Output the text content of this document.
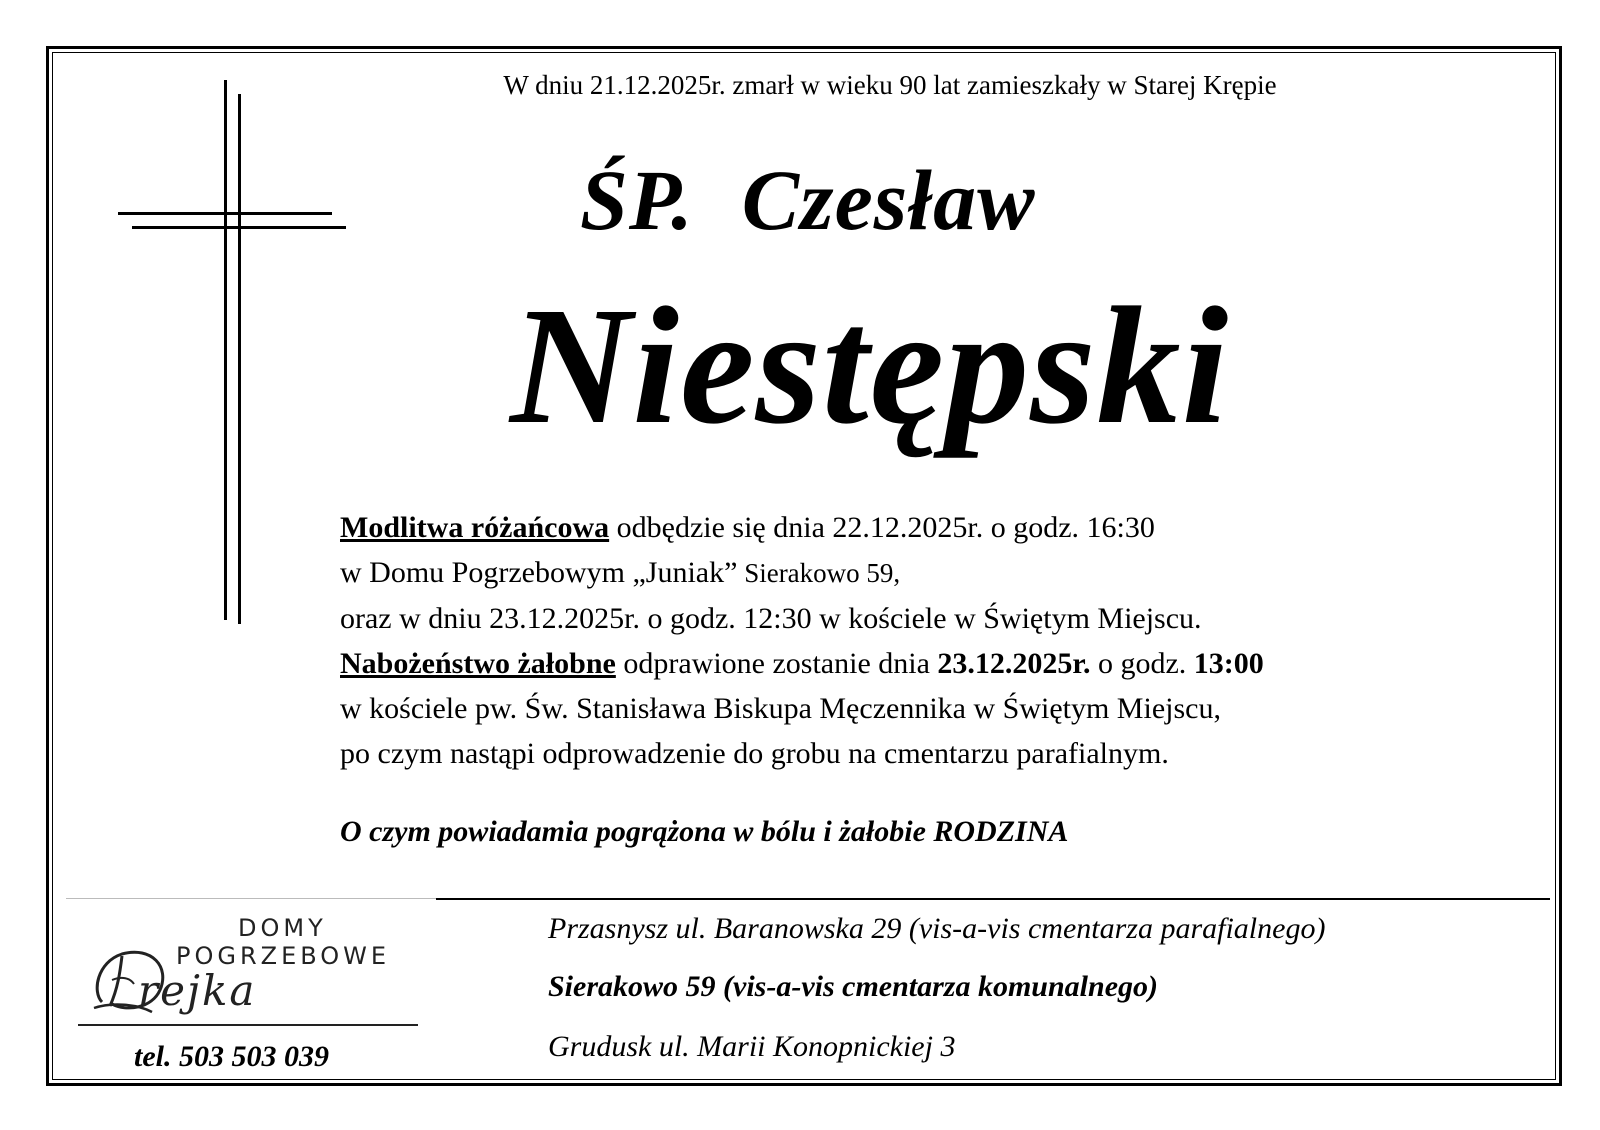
W dniu 21.12.2025r. zmarł w wieku 90 lat zamieszkały w Starej Krępie
ŚP. Czesław
Niestępski
Modlitwa różańcowa odbędzie się dnia 22.12.2025r. o godz. 16:30
w Domu Pogrzebowym „Juniak” Sierakowo 59,
oraz w dniu 23.12.2025r. o godz. 12:30 w kościele w Świętym Miejscu.
Nabożeństwo żałobne odprawione zostanie dnia 23.12.2025r. o godz. 13:00
w kościele pw. Św. Stanisława Biskupa Męczennika w Świętym Miejscu,
po czym nastąpi odprowadzenie do grobu na cmentarzu parafialnym.
O czym powiadamia pogrążona w bólu i żałobie RODZINA
DOMY
POGRZEBOWE
rejka
tel. 503 503 039
Przasnysz ul. Baranowska 29 (vis-a-vis cmentarza parafialnego)
Sierakowo 59 (vis-a-vis cmentarza komunalnego)
Grudusk ul. Marii Konopnickiej 3
